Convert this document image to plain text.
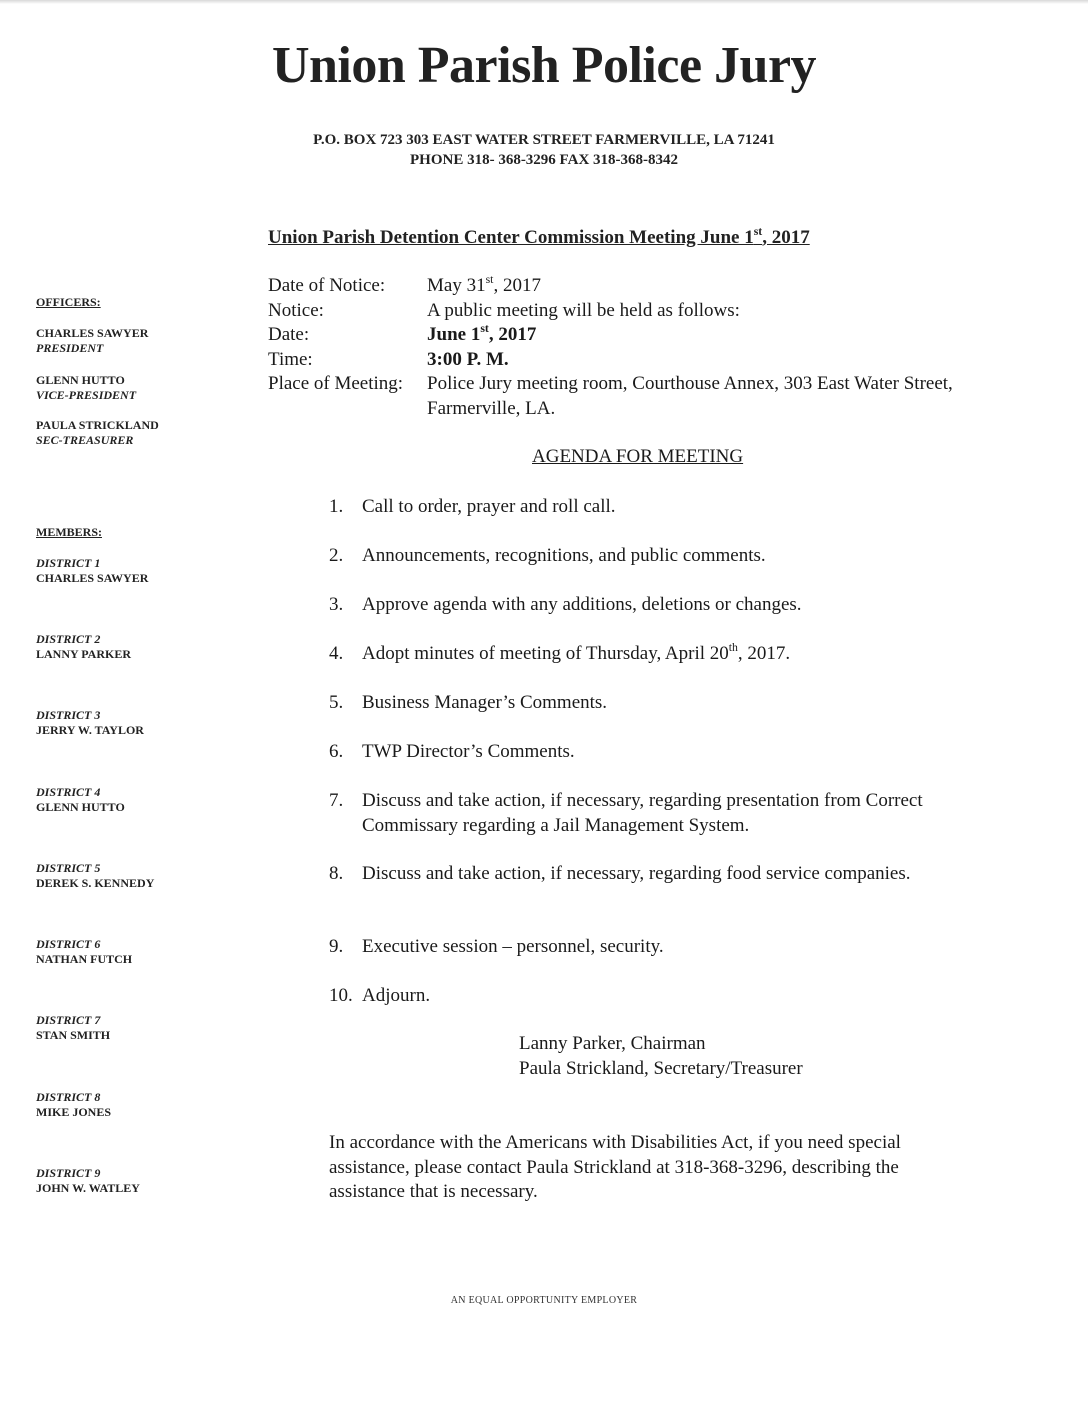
Union Parish Police Jury
P.O. BOX 723 303 EAST WATER STREET FARMERVILLE, LA 71241
PHONE 318- 368-3296 FAX 318-368-8342
Union Parish Detention Center Commission Meeting June 1st, 2017
OFFICERS:
CHARLES SAWYER
PRESIDENT
GLENN HUTTO
VICE-PRESIDENT
PAULA STRICKLAND
SEC-TREASURER
MEMBERS:
DISTRICT 1
CHARLES SAWYER
DISTRICT 2
LANNY PARKER
DISTRICT 3
JERRY W. TAYLOR
DISTRICT 4
GLENN HUTTO
DISTRICT 5
DEREK S. KENNEDY
DISTRICT 6
NATHAN FUTCH
DISTRICT 7
STAN SMITH
DISTRICT 8
MIKE JONES
DISTRICT 9
JOHN W. WATLEY
Date of Notice:	May 31st, 2017
Notice:	A public meeting will be held as follows:
Date:	June 1st, 2017
Time:	3:00 P. M.
Place of Meeting:	Police Jury meeting room, Courthouse Annex, 303 East Water Street, Farmerville, LA.
AGENDA FOR MEETING
1. Call to order, prayer and roll call.
2. Announcements, recognitions, and public comments.
3. Approve agenda with any additions, deletions or changes.
4. Adopt minutes of meeting of Thursday, April 20th, 2017.
5. Business Manager’s Comments.
6. TWP Director’s Comments.
7. Discuss and take action, if necessary, regarding presentation from Correct Commissary regarding a Jail Management System.
8. Discuss and take action, if necessary, regarding food service companies.
9. Executive session – personnel, security.
10. Adjourn.
Lanny Parker, Chairman
Paula Strickland, Secretary/Treasurer
In accordance with the Americans with Disabilities Act, if you need special assistance, please contact Paula Strickland at 318-368-3296, describing the assistance that is necessary.
AN EQUAL OPPORTUNITY EMPLOYER
